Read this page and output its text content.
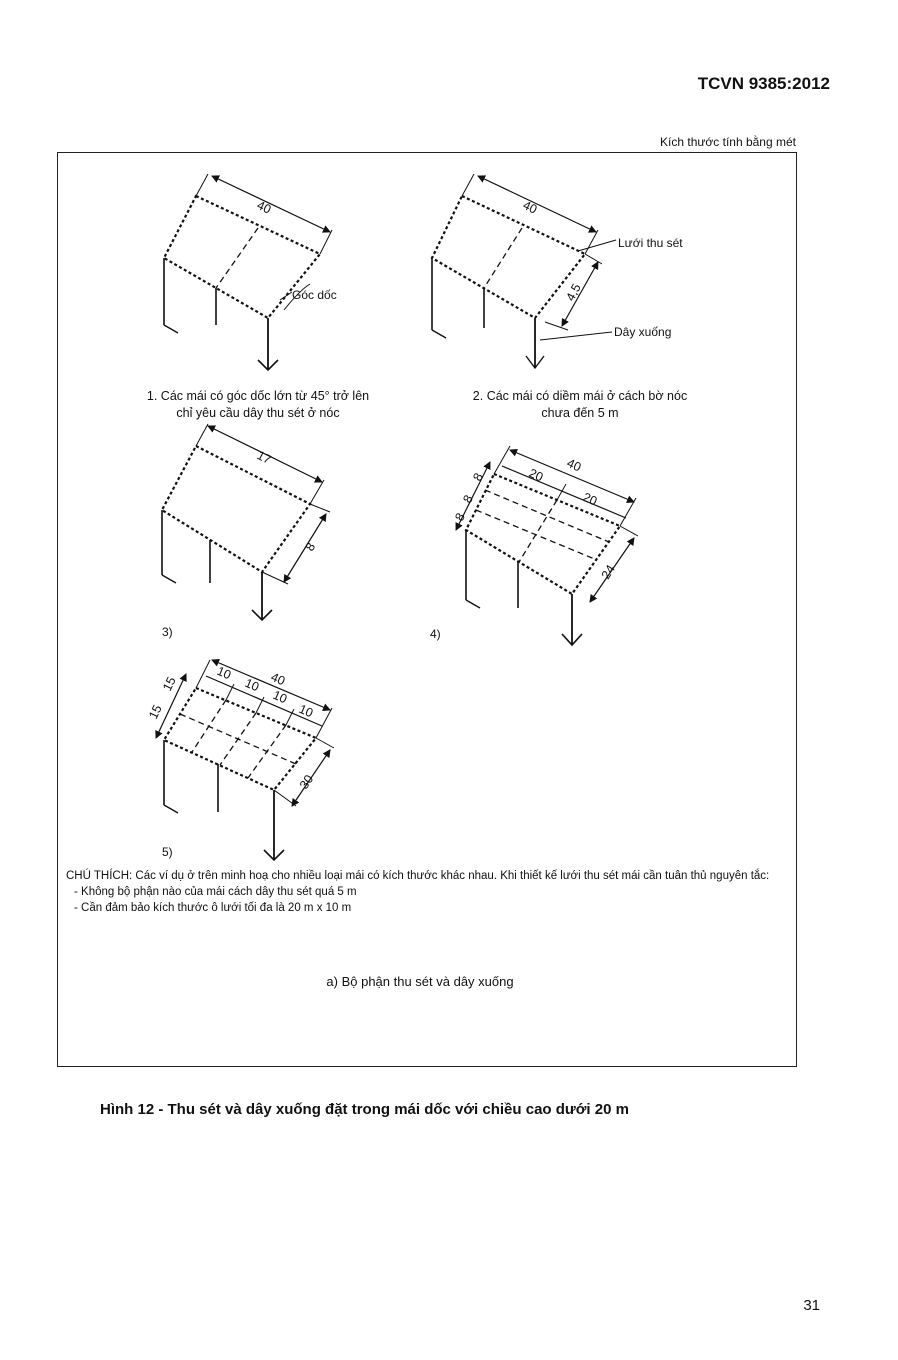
TCVN 9385:2012
Kích thước tính bằng mét
40
Góc dốc
40
4,5
Lưới thu sét
Dây xuống
17
8
3)
40
20
20
8
8
8
24
4)
40
10
10
10
10
15
15
30
5)
1. Các mái có góc dốc lớn từ 45° trở lên
chỉ yêu cầu dây thu sét ở nóc
2. Các mái có diềm mái ở cách bờ nóc
chưa đến 5 m
CHÚ THÍCH: Các ví dụ ở trên minh hoạ cho nhiều loại mái có kích thước khác nhau. Khi thiết kế lưới thu sét mái cần tuân thủ nguyên tắc:
- Không bộ phận nào của mái cách dây thu sét quá 5 m
- Cần đảm bảo kích thước ô lưới tối đa là 20 m x 10 m
a) Bộ phận thu sét và dây xuống
Hình 12 - Thu sét và dây xuống đặt trong mái dốc với chiều cao dưới 20 m
31
